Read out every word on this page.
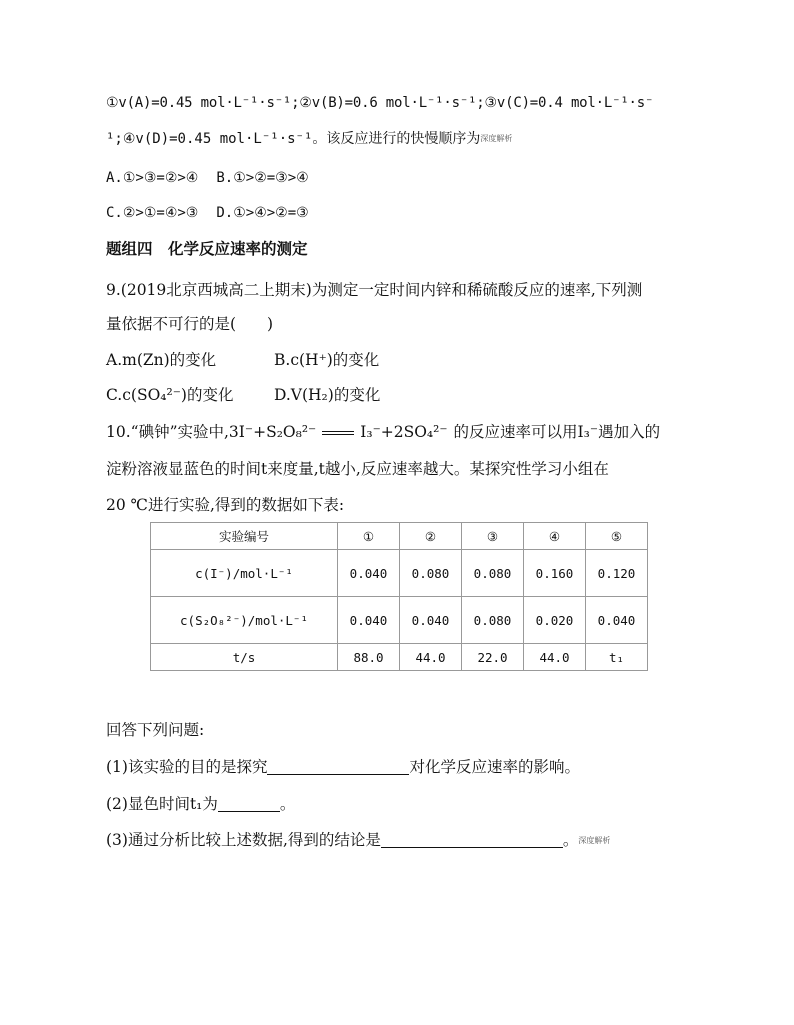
①v(A)=0.45 mol·L⁻¹·s⁻¹;②v(B)=0.6 mol·L⁻¹·s⁻¹;③v(C)=0.4 mol·L⁻¹·s⁻
¹;④v(D)=0.45 mol·L⁻¹·s⁻¹。该反应进行的快慢顺序为深度解析
A.①>③=②>④ B.①>②=③>④
C.②>①=④>③ D.①>④>②=③
题组四　化学反应速率的测定
9.(2019北京西城高二上期末)为测定一定时间内锌和稀硫酸反应的速率,下列测
量依据不可行的是(　　)
A.m(Zn)的变化	B.c(H⁺)的变化
C.c(SO₄²⁻)的变化	D.V(H₂)的变化
10.“碘钟”实验中,3I⁻+S₂O₈²⁻	I₃⁻+2SO₄²⁻ 的反应速率可以用I₃⁻遇加入的
淀粉溶液显蓝色的时间t来度量,t越小,反应速率越大。某探究性学习小组在
20 ℃进行实验,得到的数据如下表:
实验编号	①	②	③	④	⑤
c(I⁻)/mol·L⁻¹	0.040	0.080	0.080	0.160	0.120
c(S₂O₈²⁻)/mol·L⁻¹	0.040	0.040	0.080	0.020	0.040
t/s	88.0	44.0	22.0	44.0	t₁
回答下列问题:
(1)该实验的目的是探究	对化学反应速率的影响。
(2)显色时间t₁为	。
(3)通过分析比较上述数据,得到的结论是	。深度解析
